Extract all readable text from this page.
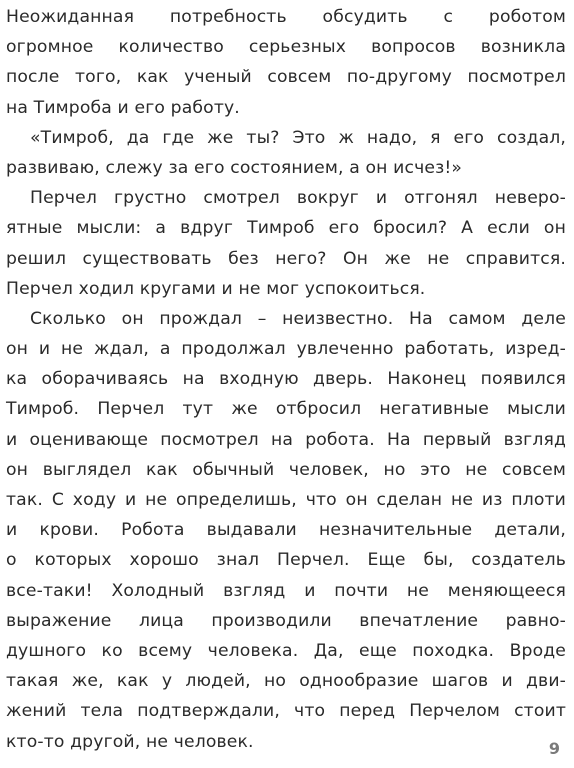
Неожиданная потребность обсудить с роботом
огромное количество серьезных вопросов возникла
после того, как ученый совсем по-другому посмотрел
на Тимроба и его работу.
«Тимроб, да где же ты? Это ж надо, я его создал,
развиваю, слежу за его состоянием, а он исчез!»
Перчел грустно смотрел вокруг и отгонял неверо-
ятные мысли: а вдруг Тимроб его бросил? А если он
решил существовать без него? Он же не справится.
Перчел ходил кругами и не мог успокоиться.
Сколько он прождал – неизвестно. На самом деле
он и не ждал, а продолжал увлеченно работать, изред-
ка оборачиваясь на входную дверь. Наконец появился
Тимроб. Перчел тут же отбросил негативные мысли
и оценивающе посмотрел на робота. На первый взгляд
он выглядел как обычный человек, но это не совсем
так. С ходу и не определишь, что он сделан не из плоти
и крови. Робота выдавали незначительные детали,
о которых хорошо знал Перчел. Еще бы, создатель
все-таки! Холодный взгляд и почти не меняющееся
выражение лица производили впечатление равно-
душного ко всему человека. Да, еще походка. Вроде
такая же, как у людей, но однообразие шагов и дви-
жений тела подтверждали, что перед Перчелом стоит
кто-то другой, не человек.	9
